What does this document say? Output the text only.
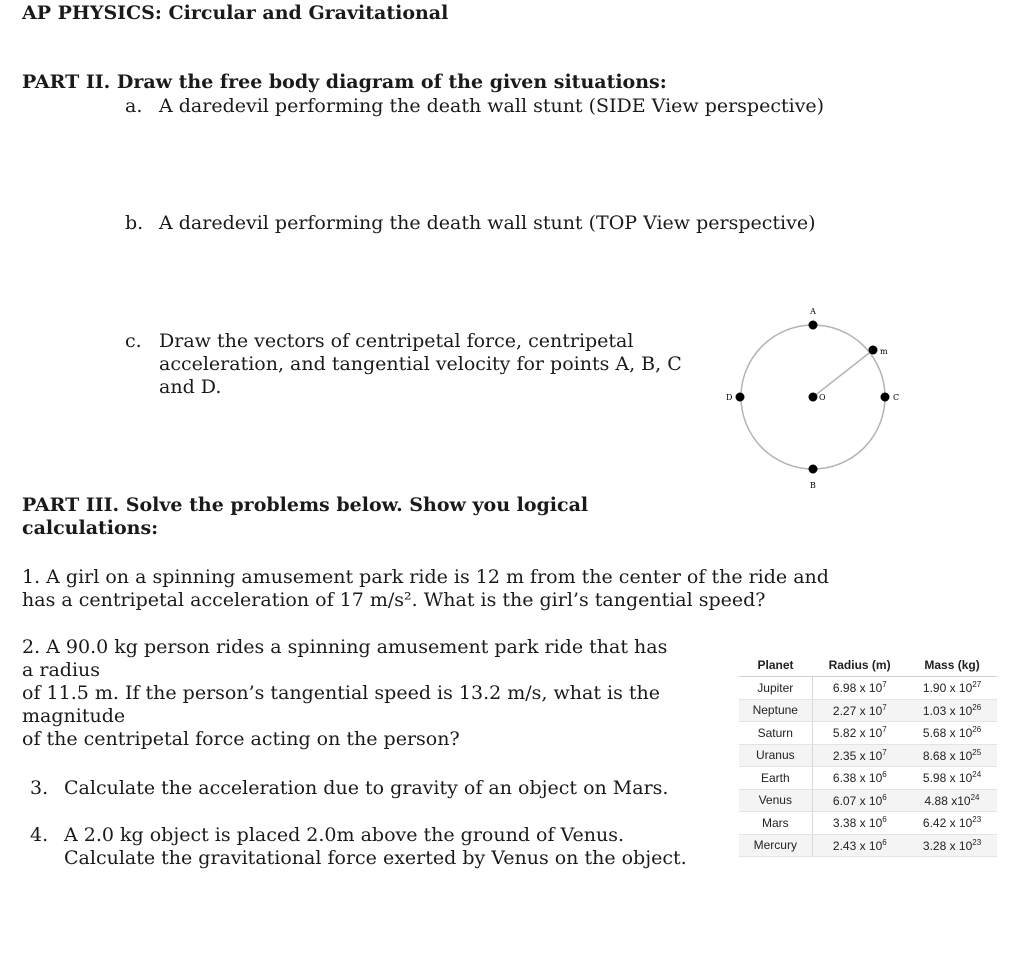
AP PHYSICS: Circular and Gravitational
PART II. Draw the free body diagram of the given situations:
a. A daredevil performing the death wall stunt (SIDE View perspective)
b. A daredevil performing the death wall stunt (TOP View perspective)
c. Draw the vectors of centripetal force, centripetal
acceleration, and tangential velocity for points A, B, C
and D.
A
B
C
D	O
m
PART III. Solve the problems below. Show you logical
calculations:
1. A girl on a spinning amusement park ride is 12 m from the center of the ride and
has a centripetal acceleration of 17 m/s². What is the girl’s tangential speed?
2. A 90.0 kg person rides a spinning amusement park ride that has
a radius
of 11.5 m. If the person’s tangential speed is 13.2 m/s, what is the
magnitude
of the centripetal force acting on the person?
3. Calculate the acceleration due to gravity of an object on Mars.
4. A 2.0 kg object is placed 2.0m above the ground of Venus.
Calculate the gravitational force exerted by Venus on the object.
Planet	Radius (m)	Mass (kg)
Jupiter	6.98 x $10^7$	1.90 x $10^{27}$
Neptune	2.27 x $10^7$	1.03 x $10^{26}$
Saturn	5.82 x $10^7$	5.68 x $10^{26}$
Uranus	2.35 x $10^7$	8.68 x $10^{25}$
Earth	6.38 x $10^6$	5.98 x $10^{24}$
Venus	6.07 x $10^6$	4.88 $x10^{24}$
Mars	3.38 x $10^6$	6.42 x $10^{23}$
Mercury	2.43 x $10^6$	3.28 x $10^{23}$
